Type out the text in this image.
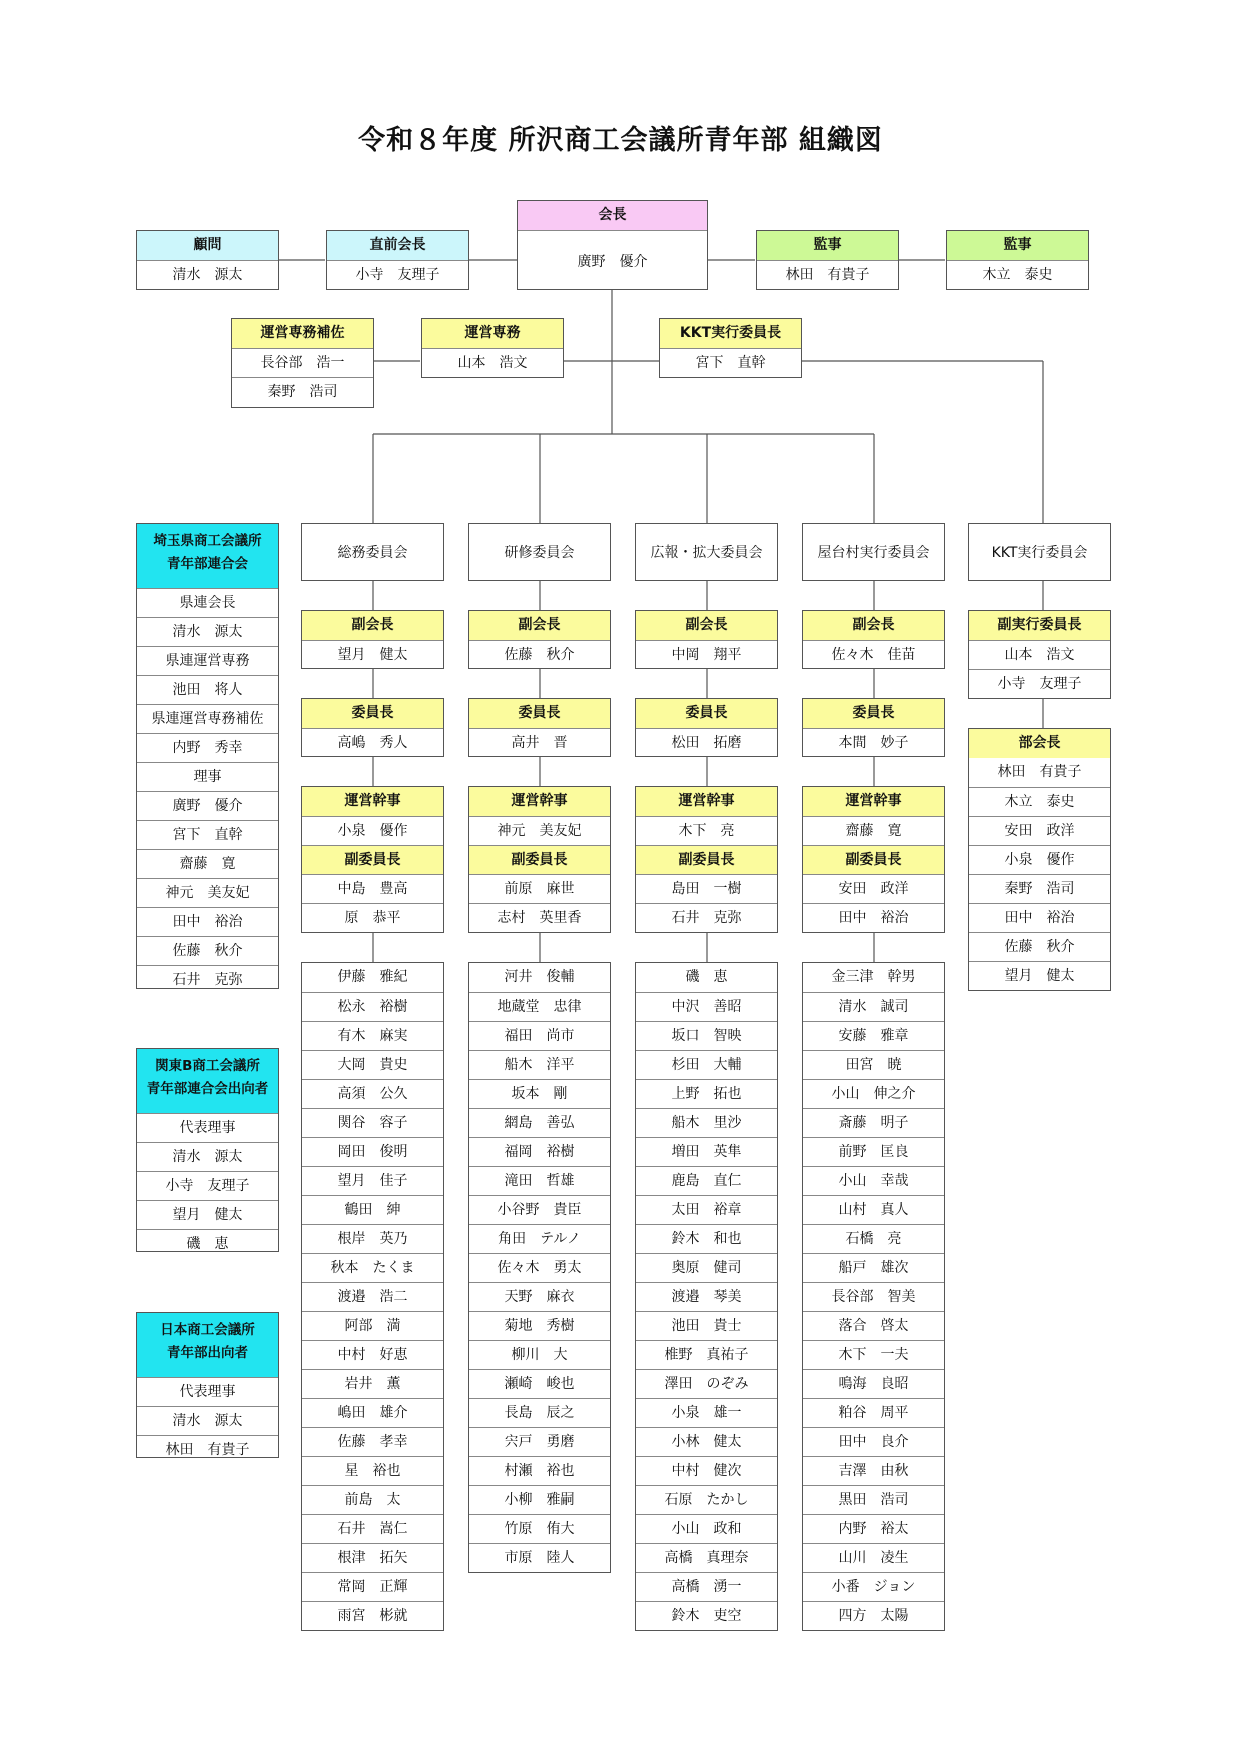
令和８年度 所沢商工会議所青年部 組織図
会長
廣野　優介
顧問
清水　源太
直前会長
小寺　友理子
監事
林田　有貴子
監事
木立　泰史
運営専務補佐
長谷部　浩一
秦野　浩司
運営専務
山本　浩文
KKT実行委員長
宮下　直幹
埼玉県商工会議所
青年部連合会
県連会長
清水　源太
県連運営専務
池田　将人
県連運営専務補佐
内野　秀幸
理事
廣野　優介
宮下　直幹
齋藤　寛
神元　美友妃
田中　裕治
佐藤　秋介
石井　克弥
関東B商工会議所
青年部連合会出向者
代表理事
清水　源太
小寺　友理子
望月　健太
磯　恵
日本商工会議所
青年部出向者
代表理事
清水　源太
林田　有貴子
総務委員会
副会長
望月　健太
委員長
高嶋　秀人
運営幹事
小泉　優作
副委員長
中島　豊高
原　恭平
伊藤　雅紀
松永　裕樹
有木　麻実
大岡　貴史
高須　公久
関谷　容子
岡田　俊明
望月　佳子
鶴田　紳
根岸　英乃
秋本　たくま
渡邉　浩二
阿部　満
中村　好恵
岩井　薫
嶋田　雄介
佐藤　孝幸
星　裕也
前島　太
石井　嵩仁
根津　拓矢
常岡　正輝
雨宮　彬就
研修委員会
副会長
佐藤　秋介
委員長
高井　晋
運営幹事
神元　美友妃
副委員長
前原　麻世
志村　英里香
河井　俊輔
地蔵堂　忠律
福田　尚市
船木　洋平
坂本　剛
網島　善弘
福岡　裕樹
滝田　哲雄
小谷野　貴臣
角田　テルノ
佐々木　勇太
天野　麻衣
菊地　秀樹
柳川　大
瀬崎　峻也
長島　辰之
宍戸　勇磨
村瀬　裕也
小柳　雅嗣
竹原　侑大
市原　陸人
広報・拡大委員会
副会長
中岡　翔平
委員長
松田　拓磨
運営幹事
木下　亮
副委員長
島田　一樹
石井　克弥
磯　恵
中沢　善昭
坂口　智映
杉田　大輔
上野　拓也
船木　里沙
増田　英隼
鹿島　直仁
太田　裕章
鈴木　和也
奥原　健司
渡邉　琴美
池田　貴士
椎野　真祐子
澤田　のぞみ
小泉　雄一
小林　健太
中村　健次
石原　たかし
小山　政和
高橋　真理奈
高橋　湧一
鈴木　吏空
屋台村実行委員会
副会長
佐々木　佳苗
委員長
本間　妙子
運営幹事
齋藤　寛
副委員長
安田　政洋
田中　裕治
金三津　幹男
清水　誠司
安藤　雅章
田宮　暁
小山　伸之介
斎藤　明子
前野　匡良
小山　幸哉
山村　真人
石橋　亮
船戸　雄次
長谷部　智美
落合　啓太
木下　一夫
鳴海　良昭
粕谷　周平
田中　良介
吉澤　由秋
黒田　浩司
内野　裕太
山川　凌生
小番　ジョン
四方　太陽
KKT実行委員会
副実行委員長
山本　浩文
小寺　友理子
部会長
林田　有貴子
木立　泰史
安田　政洋
小泉　優作
秦野　浩司
田中　裕治
佐藤　秋介
望月　健太
